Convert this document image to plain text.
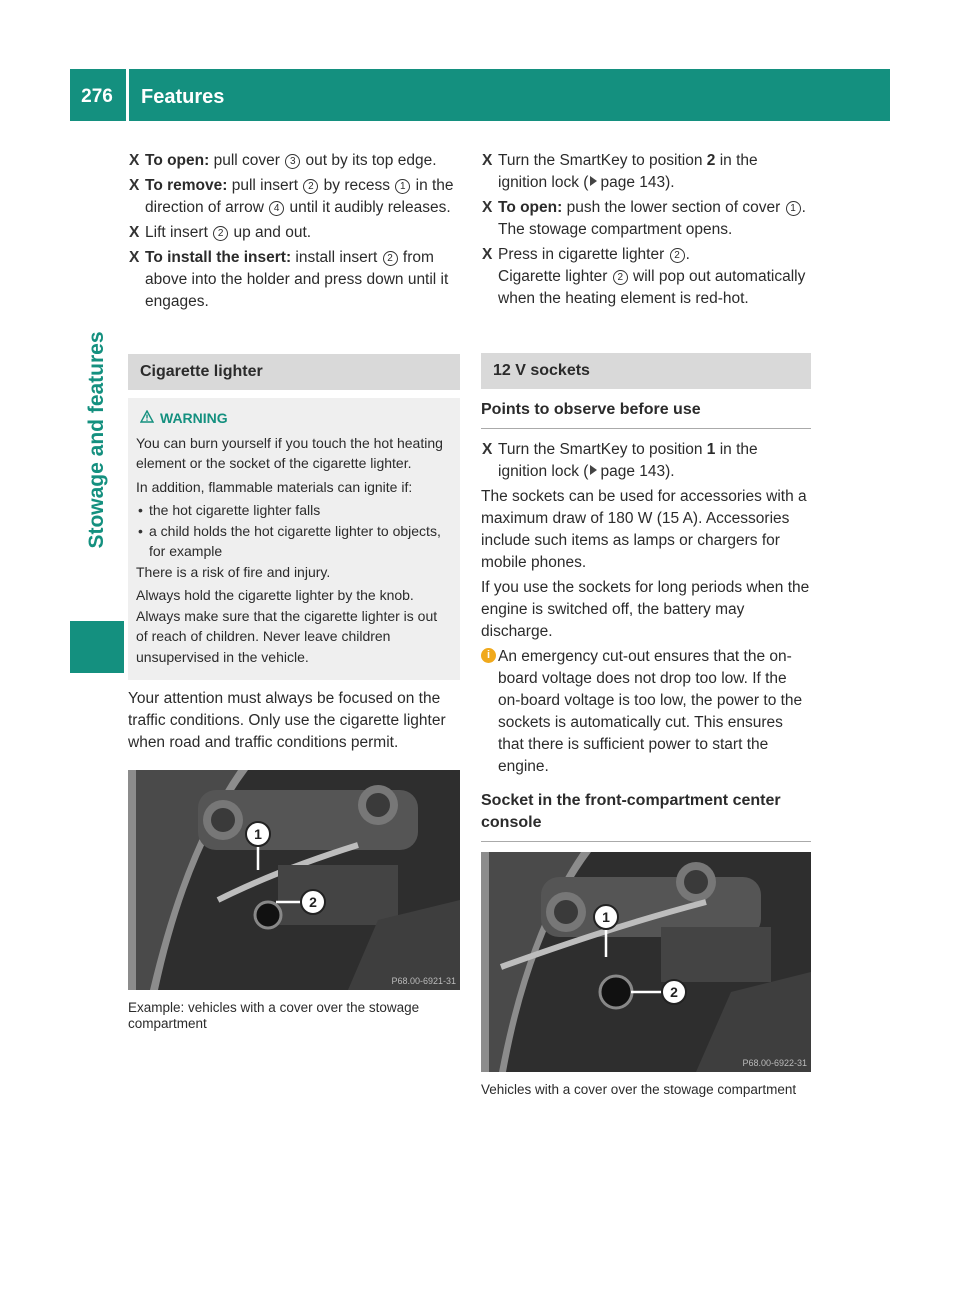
276	Features
Stowage and features
X To open: pull cover 3 out by its top edge.
X To remove: pull insert 2 by recess 1 in the direction of arrow 4 until it audibly releases.
X Lift insert 2 up and out.
X To install the insert: install insert 2 from above into the holder and press down until it engages.
Cigarette lighter
WARNING
You can burn yourself if you touch the hot heating element or the socket of the cigarette lighter.
In addition, flammable materials can ignite if:
• the hot cigarette lighter falls
• a child holds the hot cigarette lighter to objects, for example
There is a risk of fire and injury.
Always hold the cigarette lighter by the knob. Always make sure that the cigarette lighter is out of reach of children. Never leave children unsupervised in the vehicle.
Your attention must always be focused on the traffic conditions. Only use the cigarette lighter when road and traffic conditions permit.
1
2
P68.00-6921-31
Example: vehicles with a cover over the stowage compartment
X Turn the SmartKey to position 2 in the ignition lock ( page 143).
X To open: push the lower section of cover 1 .
The stowage compartment opens.
X Press in cigarette lighter 2 .
Cigarette lighter 2 will pop out automatically when the heating element is red-hot.
12 V sockets
Points to observe before use
X Turn the SmartKey to position 1 in the ignition lock ( page 143).
The sockets can be used for accessories with a maximum draw of 180 W (15 A). Accessories include such items as lamps or chargers for mobile phones.
If you use the sockets for long periods when the engine is switched off, the battery may discharge.
i An emergency cut-out ensures that the on-board voltage does not drop too low. If the on-board voltage is too low, the power to the sockets is automatically cut. This ensures that there is sufficient power to start the engine.
Socket in the front-compartment center console
1
2
P68.00-6922-31
Vehicles with a cover over the stowage compartment
